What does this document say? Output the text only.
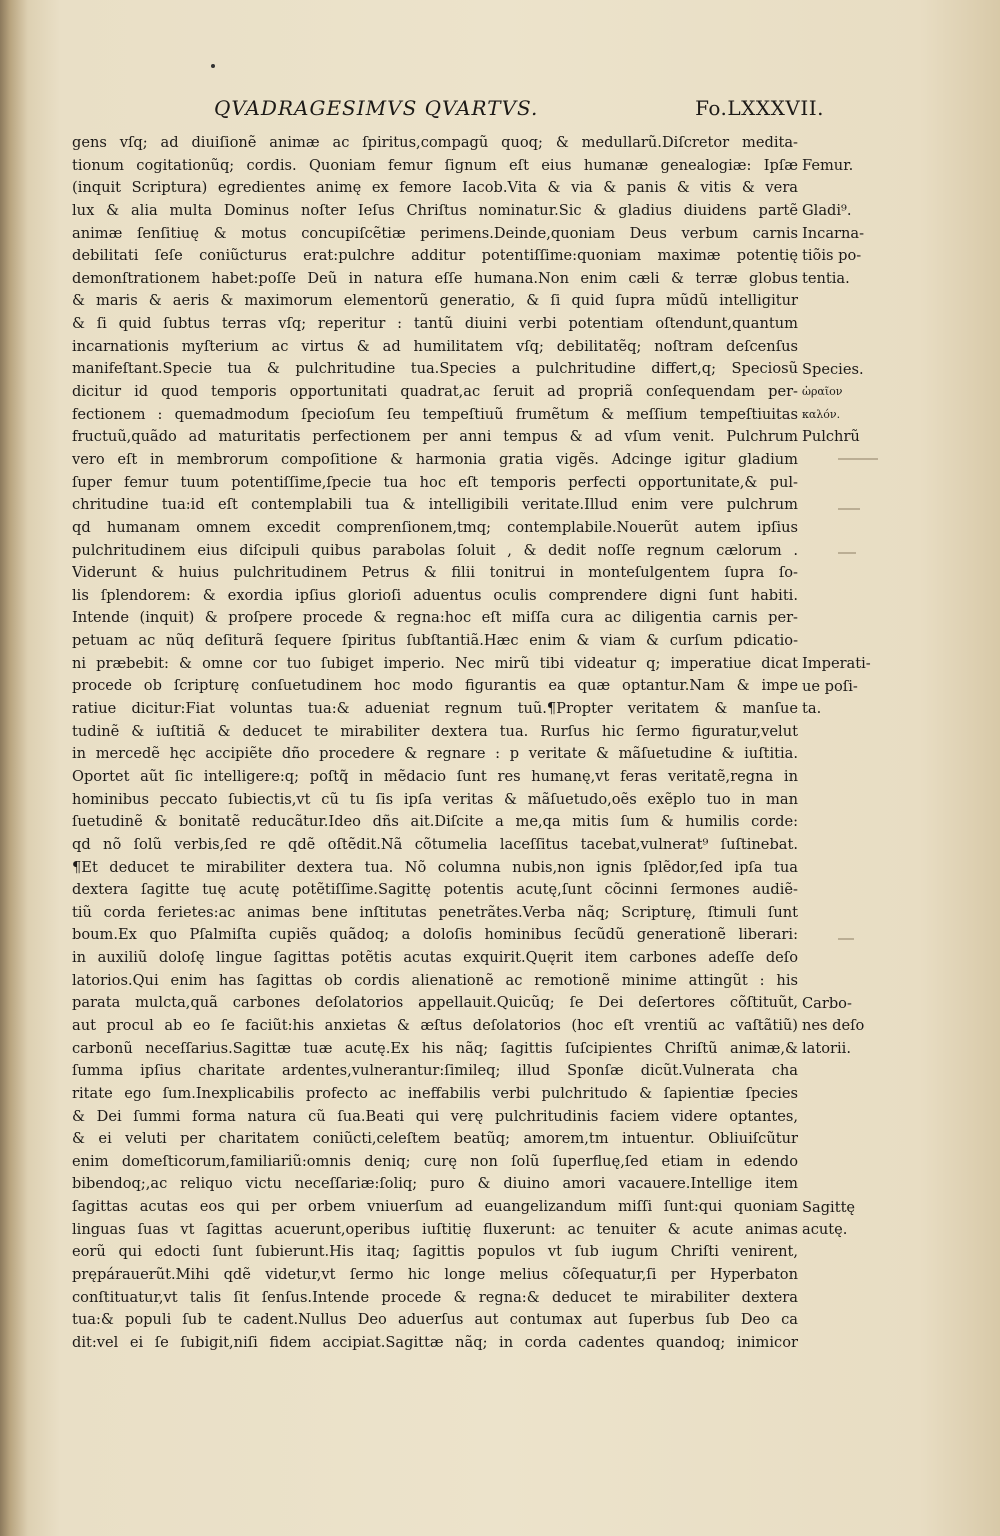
QVADRAGESIMVS QVARTVS.	Fo.LXXXVII.
gens vſq; ad diuiſionẽ animæ ac ſpiritus,compagũ quoq; & medullarũ.Diſcretor medita-
tionum cogitationũq; cordis. Quoniam femur ſignum eſt eius humanæ genealogiæ: Ipſæ
(inquit Scriptura) egredientes animę ex femore Iacob.Vita & via & panis & vitis & vera
lux & alia multa Dominus noſter Ieſus Chriſtus nominatur.Sic & gladius diuidens partẽ
animæ ſenſitiuę & motus concupiſcẽtiæ perimens.Deinde,quoniam Deus verbum carnis
debilitati ſeſe coniũcturus erat:pulchre additur potentiſſime:quoniam maximæ potentię
demonſtrationem habet:poſſe Deũ in natura eſſe humana.Non enim cæli & terræ globus
& maris & aeris & maximorum elementorũ generatio, & ſi quid ſupra mũdũ intelligitur
& ſi quid ſubtus terras vſq; reperitur : tantũ diuini verbi potentiam oſtendunt,quantum
incarnationis myſterium ac virtus & ad humilitatem vſq; debilitatẽq; noſtram deſcenſus
manifeſtant.Specie tua & pulchritudine tua.Species a pulchritudine differt,q; Speciosũ
dicitur id quod temporis opportunitati quadrat,ac ſeruit ad propriã conſequendam per-
fectionem : quemadmodum ſpecioſum ſeu tempeſtiuũ frumẽtum & meſſium tempeſtiuitas
fructuũ,quãdo ad maturitatis perfectionem per anni tempus & ad vſum venit. Pulchrum
vero eſt in membrorum compoſitione & harmonia gratia vigẽs. Adcinge igitur gladium
ſuper femur tuum potentiſſime,ſpecie tua hoc eſt temporis perfecti opportunitate,& pul-
chritudine tua:id eſt contemplabili tua & intelligibili veritate.Illud enim vere pulchrum
qd humanam omnem excedit comprenſionem,tmq; contemplabile.Nouerũt autem ipſius
pulchritudinem eius diſcipuli quibus parabolas ſoluit , & dedit noſſe regnum cælorum .
Viderunt & huius pulchritudinem Petrus & filii tonitrui in monteſulgentem ſupra ſo-
lis ſplendorem: & exordia ipſius glorioſi aduentus oculis comprendere digni ſunt habiti.
Intende (inquit) & proſpere procede & regna:hoc eſt miſſa cura ac diligentia carnis per-
petuam ac nũq deſiturã ſequere ſpiritus ſubſtantiã.Hæc enim & viam & curſum pdicatio-
ni præbebit: & omne cor tuo ſubiget imperio. Nec mirũ tibi videatur q; imperatiue dicat
procede ob ſcripturę conſuetudinem hoc modo figurantis ea quæ optantur.Nam & impe
ratiue dicitur:Fiat voluntas tua:& adueniat regnum tuũ.¶Propter veritatem & manſue
tudinẽ & iuſtitiã & deducet te mirabiliter dextera tua. Rurſus hic ſermo figuratur,velut
in mercedẽ hęc accipiẽte dño procedere & regnare : p veritate & mãſuetudine & iuſtitia.
Oportet aũt ſic intelligere:q; poſtq̃ in mẽdacio ſunt res humanę,vt feras veritatẽ,regna in
hominibus peccato ſubiectis,vt cũ tu ſis ipſa veritas & mãſuetudo,oẽs exẽplo tuo in man
ſuetudinẽ & bonitatẽ reducãtur.Ideo dñs ait.Diſcite a me,qa mitis ſum & humilis corde:
qd nõ ſolũ verbis,ſed re qdẽ oſtẽdit.Nã cõtumelia laceſſitus tacebat,vulnerat⁹ ſuſtinebat.
¶Et deducet te mirabiliter dextera tua. Nõ columna nubis,non ignis ſplẽdor,ſed ipſa tua
dextera ſagitte tuę acutę potẽtiſſime.Sagittę potentis acutę,ſunt cõcinni ſermones audiẽ-
tiũ corda ferietes:ac animas bene inſtitutas penetrãtes.Verba nãq; Scripturę, ſtimuli ſunt
boum.Ex quo Pſalmiſta cupiẽs quãdoq; a doloſis hominibus ſecũdũ generationẽ liberari:
in auxiliũ doloſę lingue ſagittas potẽtis acutas exquirit.Quęrit item carbones adeſſe deſo
latorios.Qui enim has ſagittas ob cordis alienationẽ ac remotionẽ minime attingũt : his
parata mulcta,quã carbones deſolatorios appellauit.Quicũq; ſe Dei deſertores cõſtituũt,
aut procul ab eo ſe faciũt:his anxietas & æſtus deſolatorios (hoc eſt vrentiũ ac vaſtãtiũ)
carbonũ neceſſarius.Sagittæ tuæ acutę.Ex his nãq; ſagittis ſuſcipientes Chriſtũ animæ,&
ſumma ipſius charitate ardentes,vulnerantur:ſimileq; illud Sponſæ dicũt.Vulnerata cha
ritate ego ſum.Inexplicabilis profecto ac ineffabilis verbi pulchritudo & ſapientiæ ſpecies
& Dei ſummi forma natura cũ ſua.Beati qui verę pulchritudinis faciem videre optantes,
& ei veluti per charitatem coniũcti,celeſtem beatũq; amorem,tm intuentur. Obliuiſcũtur
enim domeſticorum,familiariũ:omnis deniq; curę non ſolũ ſuperfluę,ſed etiam in edendo
bibendoq;,ac reliquo victu neceſſariæ:ſoliq; puro & diuino amori vacauere.Intellige item
ſagittas acutas eos qui per orbem vniuerſum ad euangelizandum miſſi ſunt:qui quoniam
linguas ſuas vt ſagittas acuerunt,operibus iuſtitię fluxerunt: ac tenuiter & acute animas
eorũ qui edocti ſunt ſubierunt.His itaq; ſagittis populos vt ſub iugum Chriſti venirent,
prępárauerũt.Mihi qdẽ videtur,vt ſermo hic longe melius cõſequatur,ſi per Hyperbaton
conſtituatur,vt talis ſit ſenſus.Intende procede & regna:& deducet te mirabiliter dextera
tua:& populi ſub te cadent.Nullus Deo aduerſus aut contumax aut ſuperbus ſub Deo ca
dit:vel ei ſe ſubigit,niſi fidem accipiat.Sagittæ nãq; in corda cadentes quandoq; inimicor
Femur.
Gladi⁹.
Incarna-
tiõis po-
tentia.
Species.
ὡραῖον
καλόν.
Pulchrũ
Imperati-
ue poſi-
ta.
Carbo-
nes deſo
latorii.
Sagittę
acutę.
